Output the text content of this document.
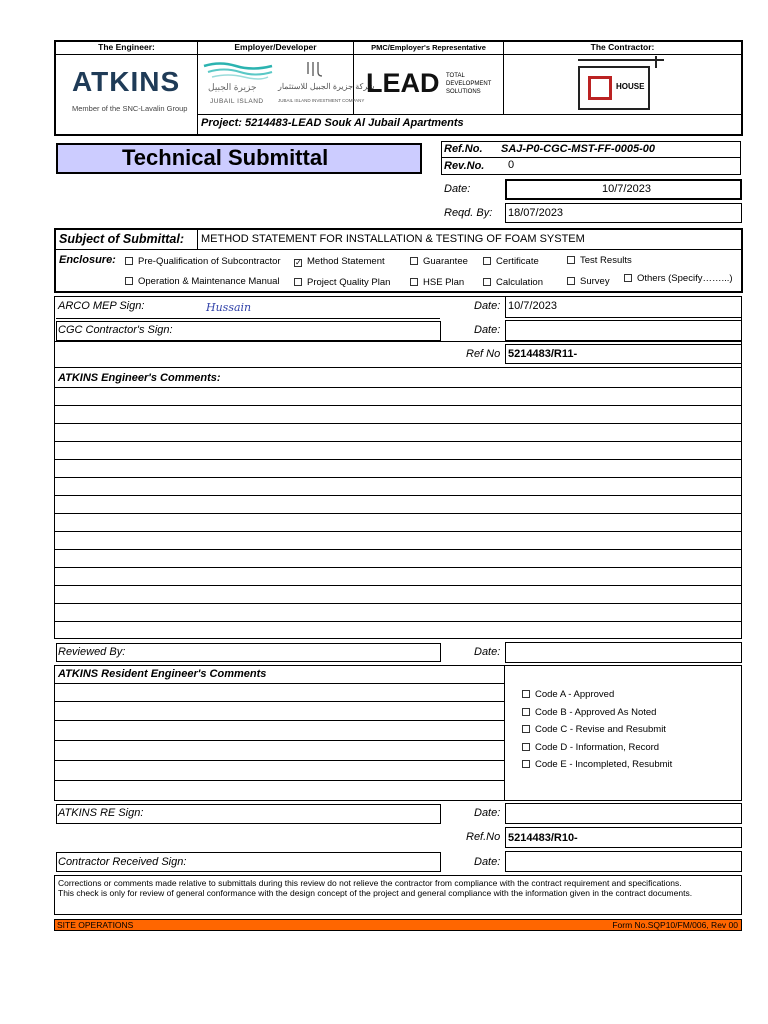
The Engineer:
ATKINS
Member of the SNC-Lavalin Group
Employer/Developer
جزيرة الجبيل
JUBAIL ISLAND
شركة جزيرة الجبيل للاستثمار
JUBAIL ISLAND INVESTMENT COMPANY
PMC/Employer's Representative
LEAD TOTAL
DEVELOPMENT
SOLUTIONS
The Contractor:
HOUSE
Project: 5214483-LEAD Souk Al Jubail Apartments
Technical Submittal	Ref.No. SAJ-P0-CGC-MST-FF-0005-00
Rev.No. 0
Date:	10/7/2023
Reqd. By: 18/07/2023
Subject of Submittal: METHOD STATEMENT FOR INSTALLATION & TESTING OF FOAM SYSTEM
Enclosure:	Pre-Qualification of Subcontractor ✓ Method Statement	Guarantee	Certificate	Test Results
Operation & Maintenance Manual	Project Quality Plan	HSE Plan	Calculation	Survey	Others (Specify……...)
ARCO MEP Sign:	Hussain	Date: 10/7/2023
CGC Contractor's Sign:	Date:
Ref No 5214483/R11-
ATKINS Engineer's Comments:
Reviewed By:	Date:
ATKINS Resident Engineer's Comments
Code A - Approved
Code B - Approved As Noted
Code C - Revise and Resubmit
Code D - Information, Record
Code E - Incompleted, Resubmit
ATKINS RE Sign:	Date:
Ref.No 5214483/R10-
Contractor Received Sign:	Date:
Corrections or comments made relative to submittals during this review do not relieve the contractor from compliance with the contract requirement and specifications.
This check is only for review of general conformance with the design concept of the project and general compliance with the information given in the contract documents.
SITE OPERATIONS	Form No.SQP10/FM/006, Rev 00
